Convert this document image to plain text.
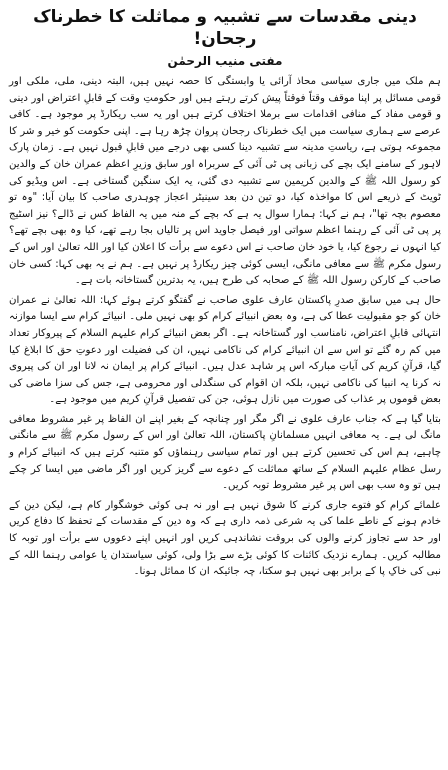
دینی مقدسات سے تشبیہ و مماثلت کا خطرناک رجحان!
مفتی منیب الرحمٰن

ہم ملک میں جاری سیاسی محاذ آرائی یا وابستگی کا حصہ نہیں ہیں، البتہ دینی، ملی، ملکی اور قومی مسائل پر اپنا موقف وقتاً فوقتاً پیش کرتے رہتے ہیں اور حکومتِ وقت کے قابلِ اعتراض اور دینی و قومی مفاد کے منافی اقدامات سے برملا اختلاف کرتے ہیں اور یہ سب ریکارڈ پر موجود ہے۔ کافی عرصے سے ہماری سیاست میں ایک خطرناک رجحان پروان چڑھ رہا ہے۔ اپنی حکومت کو خیر و شر کا مجموعہ ہوتی ہے، ریاستِ مدینہ سے تشبیہ دینا کسی بھی درجے میں قابلِ قبول نہیں ہے۔ زمان پارک لاہور کے سامنے ایک بچے کی زبانی پی ٹی آئی کے سربراہ اور سابق وزیرِ اعظم عمران خان کے والدین کو رسول اللہ ﷺ کے والدین کریمین سے تشبیہ دی گئی، یہ ایک سنگین گستاخی ہے۔ اس ویڈیو کی ٹویٹ کے ذریعے اس کا مواخذہ کیا، دو تین دن بعد سینیٹر اعجاز چوہدری صاحب کا بیان آیا: "وہ تو معصوم بچہ تھا"، ہم نے کہا: ہمارا سوال یہ ہے کہ بچے کے منہ میں یہ الفاظ کس نے ڈالے؟ نیز اسٹیج پر پی ٹی آئی کے رہنما اعظم سواتی اور فیصل جاوید اس پر تالیاں بجا رہے تھے، کیا وہ بھی بچے تھے؟ کیا انہوں نے رجوع کیا، یا خود خان صاحب نے اس دعوے سے برأت کا اعلان کیا اور اللہ تعالیٰ اور اس کے رسول مکرم ﷺ سے معافی مانگی، ایسی کوئی چیز ریکارڈ پر نہیں ہے۔ ہم نے یہ بھی کہا: کسی خان صاحب کے کارکن رسول اللہ ﷺ کے صحابہ کی طرح ہیں، یہ بدترین گستاخانہ بات ہے۔

حال ہی میں سابق صدرِ پاکستان عارف علوی صاحب نے گفتگو کرتے ہوئے کہا: اللہ تعالیٰ نے عمران خان کو جو مقبولیت عطا کی ہے، وہ بعض انبیائے کرام کو بھی نہیں ملی۔ انبیائے کرام سے ایسا موازنہ انتہائی قابلِ اعتراض، نامناسب اور گستاخانہ ہے۔ اگر بعض انبیائے کرام علیہم السلام کے پیروکار تعداد میں کم رہ گئے تو اس سے ان انبیائے کرام کی ناکامی نہیں، ان کی فضیلت اور دعوتِ حق کا ابلاغ کیا گیا، قرآنِ کریم کی آیاتِ مبارکہ اس پر شاہد عدل ہیں۔ انبیائے کرام پر ایمان نہ لانا اور ان کی پیروی نہ کرنا یہ انبیا کی ناکامی نہیں، بلکہ ان اقوام کی سنگدلی اور محرومی ہے، جس کی سزا ماضی کی بعض قوموں پر عذاب کی صورت میں نازل ہوئی، جن کی تفصیل قرآنِ کریم میں موجود ہے۔

بتایا گیا ہے کہ جناب عارف علوی نے اگر مگر اور چنانچہ کے بغیر اپنے ان الفاظ پر غیر مشروط معافی مانگ لی ہے۔ یہ معافی انہیں مسلمانانِ پاکستان، اللہ تعالیٰ اور اس کے رسول مکرم ﷺ سے مانگنی چاہیے، ہم اس کی تحسین کرتے ہیں اور تمام سیاسی رہنماؤں کو متنبہ کرتے ہیں کہ انبیائے کرام و رسل عظام علیہم السلام کے ساتھ مماثلت کے دعوے سے گریز کریں اور اگر ماضی میں ایسا کر چکے ہیں تو وہ سب بھی اس پر غیر مشروط توبہ کریں۔

علمائے کرام کو فتوے جاری کرنے کا شوق نہیں ہے اور نہ ہی کوئی خوشگوار کام ہے، لیکن دین کے خادم ہونے کے ناطے علما کی یہ شرعی ذمہ داری ہے کہ وہ دین کے مقدسات کے تحفظ کا دفاع کریں اور حد سے تجاوز کرنے والوں کی بروقت نشاندہی کریں اور انہیں اپنے دعووں سے برأت اور توبہ کا مطالبہ کریں۔ ہمارے نزدیک کائنات کا کوئی بڑے سے بڑا ولی، کوئی سیاستدان یا عوامی رہنما اللہ کے نبی کی خاکِ پا کے برابر بھی نہیں ہو سکتا، چہ جائیکہ ان کا مماثل ہونا۔
